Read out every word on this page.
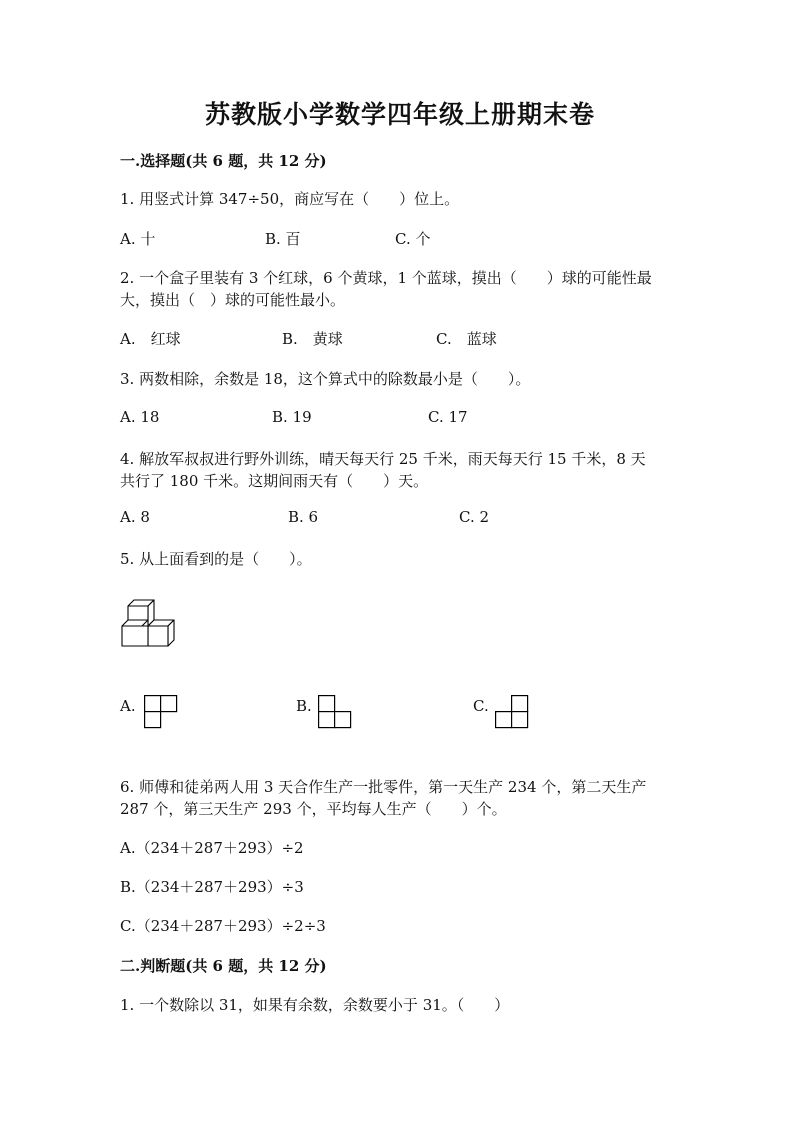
苏教版小学数学四年级上册期末卷
一.选择题(共 6 题，共 12 分)
1. 用竖式计算 347÷50，商应写在（　　）位上。
A. 十	B. 百	C. 个
2. 一个盒子里装有 3 个红球，6 个黄球，1 个蓝球，摸出（　　）球的可能性最
大，摸出（　）球的可能性最小。
A.　红球	B.　黄球	C.　蓝球
3. 两数相除，余数是 18，这个算式中的除数最小是（　　）。
A. 18	B. 19	C. 17
4. 解放军叔叔进行野外训练，晴天每天行 25 千米，雨天每天行 15 千米，8 天
共行了 180 千米。这期间雨天有（　　）天。
A. 8	B. 6	C. 2
5. 从上面看到的是（　　）。
A.	B.	C.
6. 师傅和徒弟两人用 3 天合作生产一批零件，第一天生产 234 个，第二天生产
287 个，第三天生产 293 个，平均每人生产（　　）个。
A.（234＋287＋293）÷2
B.（234＋287＋293）÷3
C.（234＋287＋293）÷2÷3
二.判断题(共 6 题，共 12 分)
1. 一个数除以 31，如果有余数，余数要小于 31。（　　）
